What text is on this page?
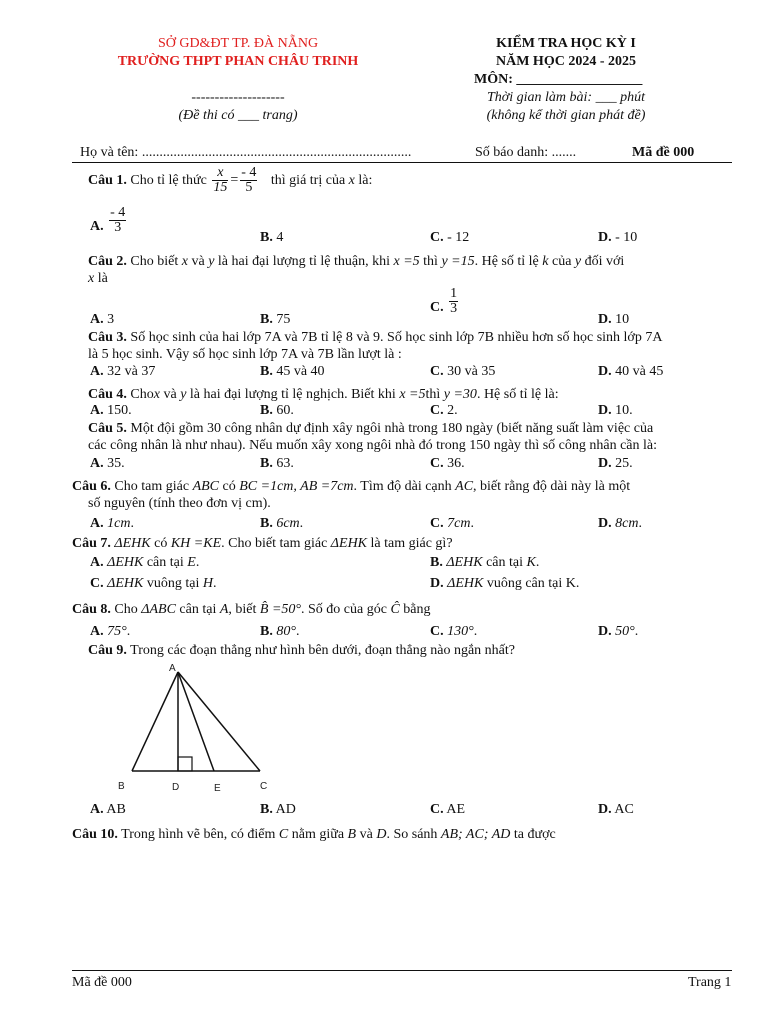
SỞ GD&ĐT TP. ĐÀ NẴNG
TRƯỜNG THPT PHAN CHÂU TRINH
--------------------
(Đề thi có ___ trang)
KIỂM TRA HỌC KỲ I
NĂM HỌC 2024 - 2025
MÔN: __________________
Thời gian làm bài: ___ phút
(không kể thời gian phát đề)
Họ và tên: .............................................................................	Số báo danh: .......	Mã đề 000
Câu 1. Cho tỉ lệ thức $\frac{x}{15} = \frac{- 4}{5}$ thì giá trị của x là:
A. $\frac{- 4}{3}$
B. 4	C. - 12	D. - 10
Câu 2. Cho biết x và y là hai đại lượng tỉ lệ thuận, khi x =5 thì y =15. Hệ số tỉ lệ k của y đối với
x là
A. 3	B. 75
C. $\frac{1}{3}$
D. 10
Câu 3. Số học sinh của hai lớp 7A và 7B tỉ lệ 8 và 9. Số học sinh lớp 7B nhiều hơn số học sinh lớp 7A
là 5 học sinh. Vậy số học sinh lớp 7A và 7B lần lượt là :
A. 32 và 37	B. 45 và 40	C. 30 và 35	D. 40 và 45
Câu 4. Chox và y là hai đại lượng tỉ lệ nghịch. Biết khi x =5thì y =30. Hệ số tỉ lệ là:
A. 150.	B. 60.	C. 2.	D. 10.
Câu 5. Một đội gồm 30 công nhân dự định xây ngôi nhà trong 180 ngày (biết năng suất làm việc của
các công nhân là như nhau). Nếu muốn xây xong ngôi nhà đó trong 150 ngày thì số công nhân cần là:
A. 35.	B. 63.	C. 36.	D. 25.
Câu 6. Cho tam giác ABC có BC =1cm, AB =7cm. Tìm độ dài cạnh AC, biết rằng độ dài này là một
số nguyên (tính theo đơn vị cm).
A. 1cm.	B. 6cm.	C. 7cm.	D. 8cm.
Câu 7. ΔEHK có KH =KE. Cho biết tam giác ΔEHK là tam giác gì?
A. ΔEHK cân tại E.	B. ΔEHK cân tại K.
C. ΔEHK vuông tại H.	D. ΔEHK vuông cân tại K.
Câu 8. Cho ΔABC cân tại A, biết B̂ =50°. Số đo của góc Ĉ bằng
A. 75°.	B. 80°.	C. 130°.	D. 50°.
Câu 9. Trong các đoạn thẳng như hình bên dưới, đoạn thẳng nào ngắn nhất?
A
B	D	E	C
A. AB	B. AD	C. AE	D. AC
Câu 10. Trong hình vẽ bên, có điểm C nằm giữa B và D. So sánh AB; AC; AD ta được
Mã đề 000	Trang 1
